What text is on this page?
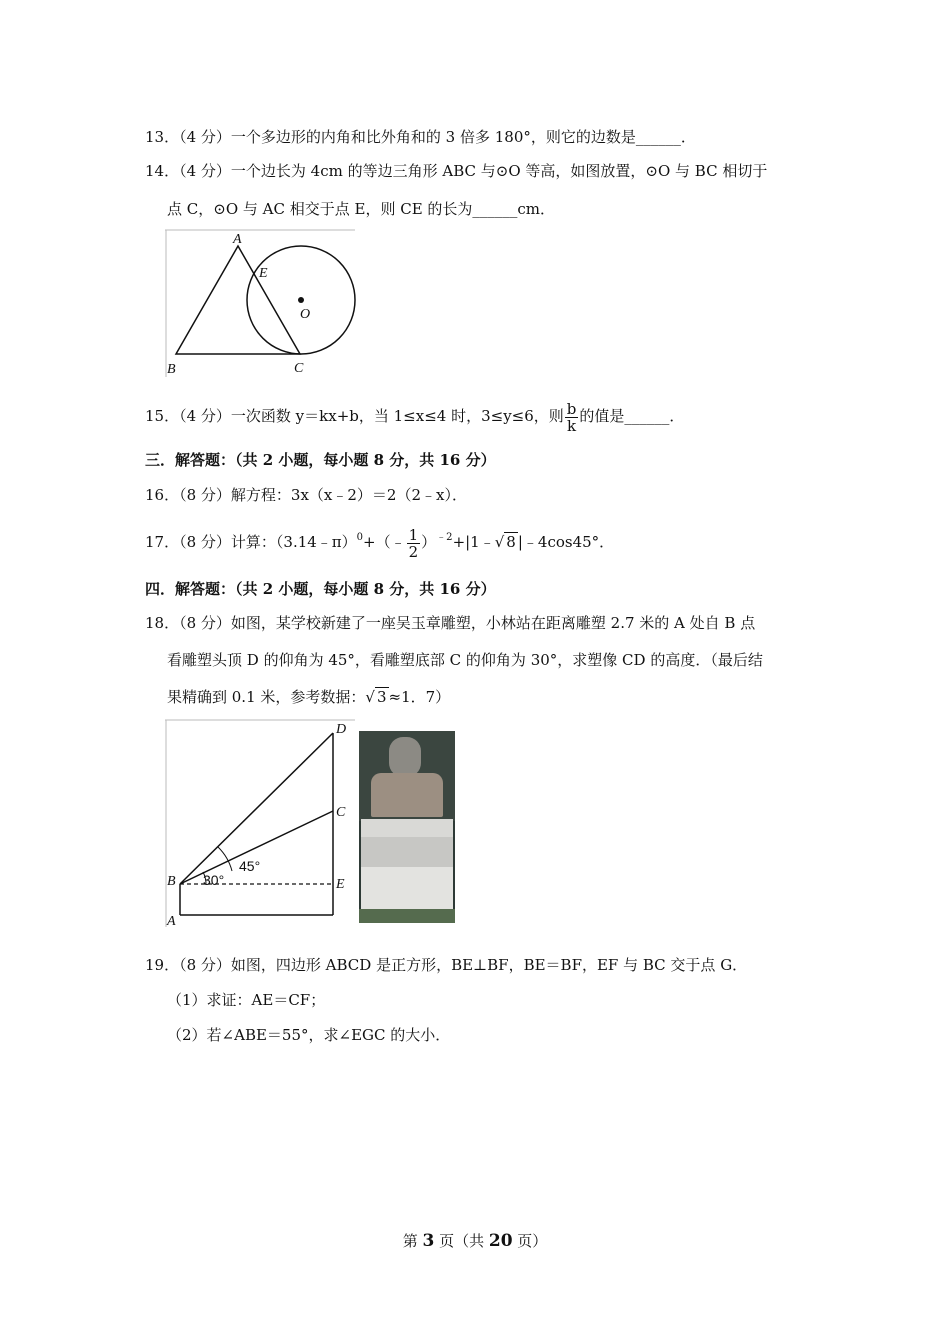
13．（4 分）一个多边形的内角和比外角和的 3 倍多 180°，则它的边数是______．
14．（4 分）一个边长为 4cm 的等边三角形 ABC 与⊙O 等高，如图放置，⊙O 与 BC 相切于
点 C，⊙O 与 AC 相交于点 E，则 CE 的长为______cm．
A
E
O
B	C
15．（4 分）一次函数 y＝kx+b，当 1≤x≤4 时，3≤y≤6，则 $\frac{b}{k}$ 的值是______．
三．解答题：（共 2 小题，每小题 8 分，共 16 分）
16．（8 分）解方程：3x（x﹣2）＝2（2﹣x）．
17．（8 分）计算：（3.14﹣π）$^0$+（﹣ $\frac{1}{2}$ ）$^{﹣2}$+|1﹣√ 8 |﹣4cos45°．
四．解答题：（共 2 小题，每小题 8 分，共 16 分）
18．（8 分）如图，某学校新建了一座吴玉章雕塑，小林站在距离雕塑 2.7 米的 A 处自 B 点
看雕塑头顶 D 的仰角为 45°，看雕塑底部 C 的仰角为 30°，求塑像 CD 的高度．（最后结
果精确到 0.1 米，参考数据：√ 3 ≈1．7）
D
C
E
B
A
45°
30°
19．（8 分）如图，四边形 ABCD 是正方形，BE⊥BF，BE＝BF，EF 与 BC 交于点 G．
（1）求证：AE＝CF；
（2）若∠ABE＝55°，求∠EGC 的大小．
第 3 页（共 20 页）
